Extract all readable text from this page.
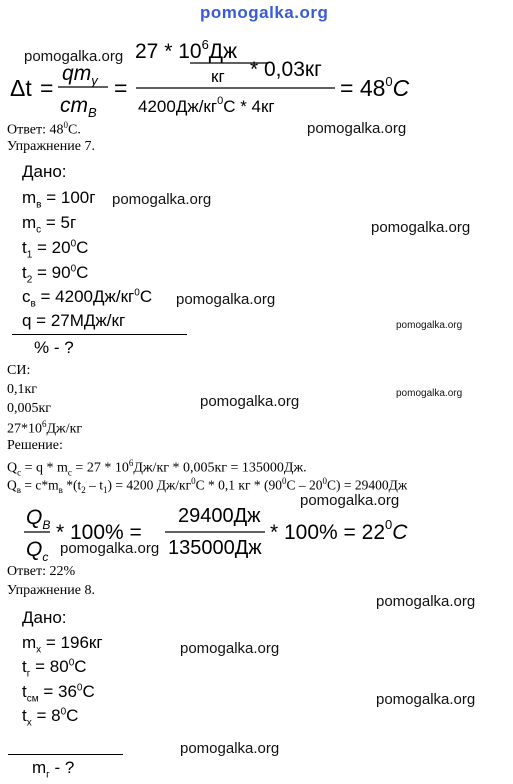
pomogalka.org
Δt =
$qm_y$
$cm_B$
=
$27 * 10^6Дж$
кг
$4200Дж/кг^0С * 4кг$
* 0,03кг
= $48^0С$
pomogalka.org
Ответ: $48^0С$.	pomogalka.org
Упражнение 7.
Дано:
$m_в = 100г$ pomogalka.org
$m_с = 5г$	pomogalka.org
$t_1 = 20^0С$
$t_2 = 90^0С$
$c_в = 4200Дж/кг^0С$ pomogalka.org
q = 27МДж/кг	pomogalka.org
% - ?
СИ:
0,1кг	pomogalka.org
0,005кг	pomogalka.org
$27*10^6Дж/кг$
Решение:
$Q_с = q * m_с = 27 * 10^6Дж/кг * 0,005кг = 135000Дж$.
$Q_в = c*m_в$ $*(t_2 - t_1) = 4200$ $Дж/кг^0С * 0,1$ кг * $(90^0С - 20^0С) = 29400Дж$
pomogalka.org
$Q_B$
$Q_c$
* 100% =
29400Дж
135000Дж
* $100\% = 22^0С$
pomogalka.org
Ответ: 22%
Упражнение 8.
pomogalka.org
Дано:
$m_х = 196кг$	pomogalka.org
$t_г = 80^0С$
$t_{см} = 36^0С$	pomogalka.org
$t_х = 8^0С$
pomogalka.org
$m_г$ - ?
